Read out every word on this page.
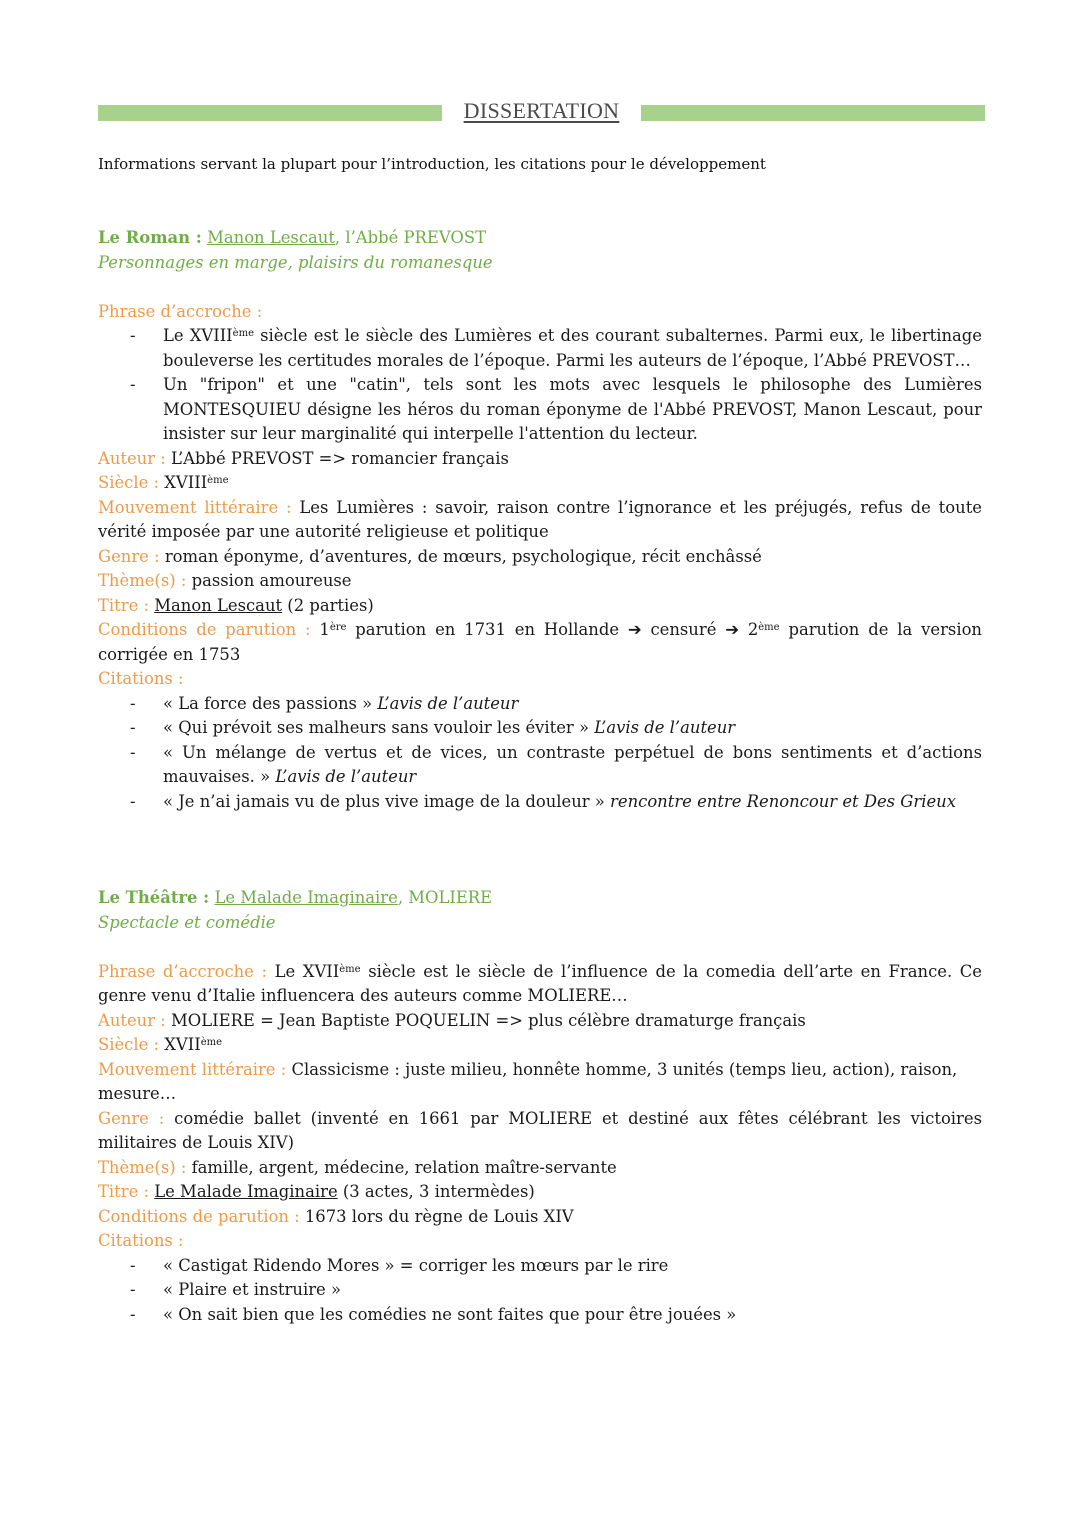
DISSERTATION
Informations servant la plupart pour l’introduction, les citations pour le développement

Le Roman : Manon Lescaut, l’Abbé PREVOST

Personnages en marge, plaisirs du romanesque

Phrase d’accroche :

- Le XVIIIème siècle est le siècle des Lumières et des courant subalternes. Parmi eux, le libertinage bouleverse les certitudes morales de l’époque. Parmi les auteurs de l’époque, l’Abbé PREVOST…
- Un "fripon" et une "catin", tels sont les mots avec lesquels le philosophe des Lumières MONTESQUIEU désigne les héros du roman éponyme de l'Abbé PREVOST, Manon Lescaut, pour insister sur leur marginalité qui interpelle l'attention du lecteur.

Auteur : L’Abbé PREVOST => romancier français

Siècle : XVIIIème

Mouvement littéraire : Les Lumières : savoir, raison contre l’ignorance et les préjugés, refus de toute vérité imposée par une autorité religieuse et politique

Genre : roman éponyme, d’aventures, de mœurs, psychologique, récit enchâssé

Thème(s) : passion amoureuse

Titre : Manon Lescaut (2 parties)

Conditions de parution : 1ère parution en 1731 en Hollande ➔ censuré ➔ 2ème parution de la version corrigée en 1753

Citations :

- « La force des passions » L’avis de l’auteur
- « Qui prévoit ses malheurs sans vouloir les éviter » L’avis de l’auteur
- « Un mélange de vertus et de vices, un contraste perpétuel de bons sentiments et d’actions mauvaises. » L’avis de l’auteur
- « Je n’ai jamais vu de plus vive image de la douleur » rencontre entre Renoncour et Des Grieux

Le Théâtre : Le Malade Imaginaire, MOLIERE

Spectacle et comédie

Phrase d’accroche : Le XVIIème siècle est le siècle de l’influence de la comedia dell’arte en France. Ce genre venu d’Italie influencera des auteurs comme MOLIERE…

Auteur : MOLIERE = Jean Baptiste POQUELIN => plus célèbre dramaturge français

Siècle : XVIIème

Mouvement littéraire : Classicisme : juste milieu, honnête homme, 3 unités (temps lieu, action), raison, mesure…

Genre : comédie ballet (inventé en 1661 par MOLIERE et destiné aux fêtes célébrant les victoires militaires de Louis XIV)

Thème(s) : famille, argent, médecine, relation maître-servante

Titre : Le Malade Imaginaire (3 actes, 3 intermèdes)

Conditions de parution : 1673 lors du règne de Louis XIV

Citations :

- « Castigat Ridendo Mores » = corriger les mœurs par le rire
- « Plaire et instruire »
- « On sait bien que les comédies ne sont faites que pour être jouées »
